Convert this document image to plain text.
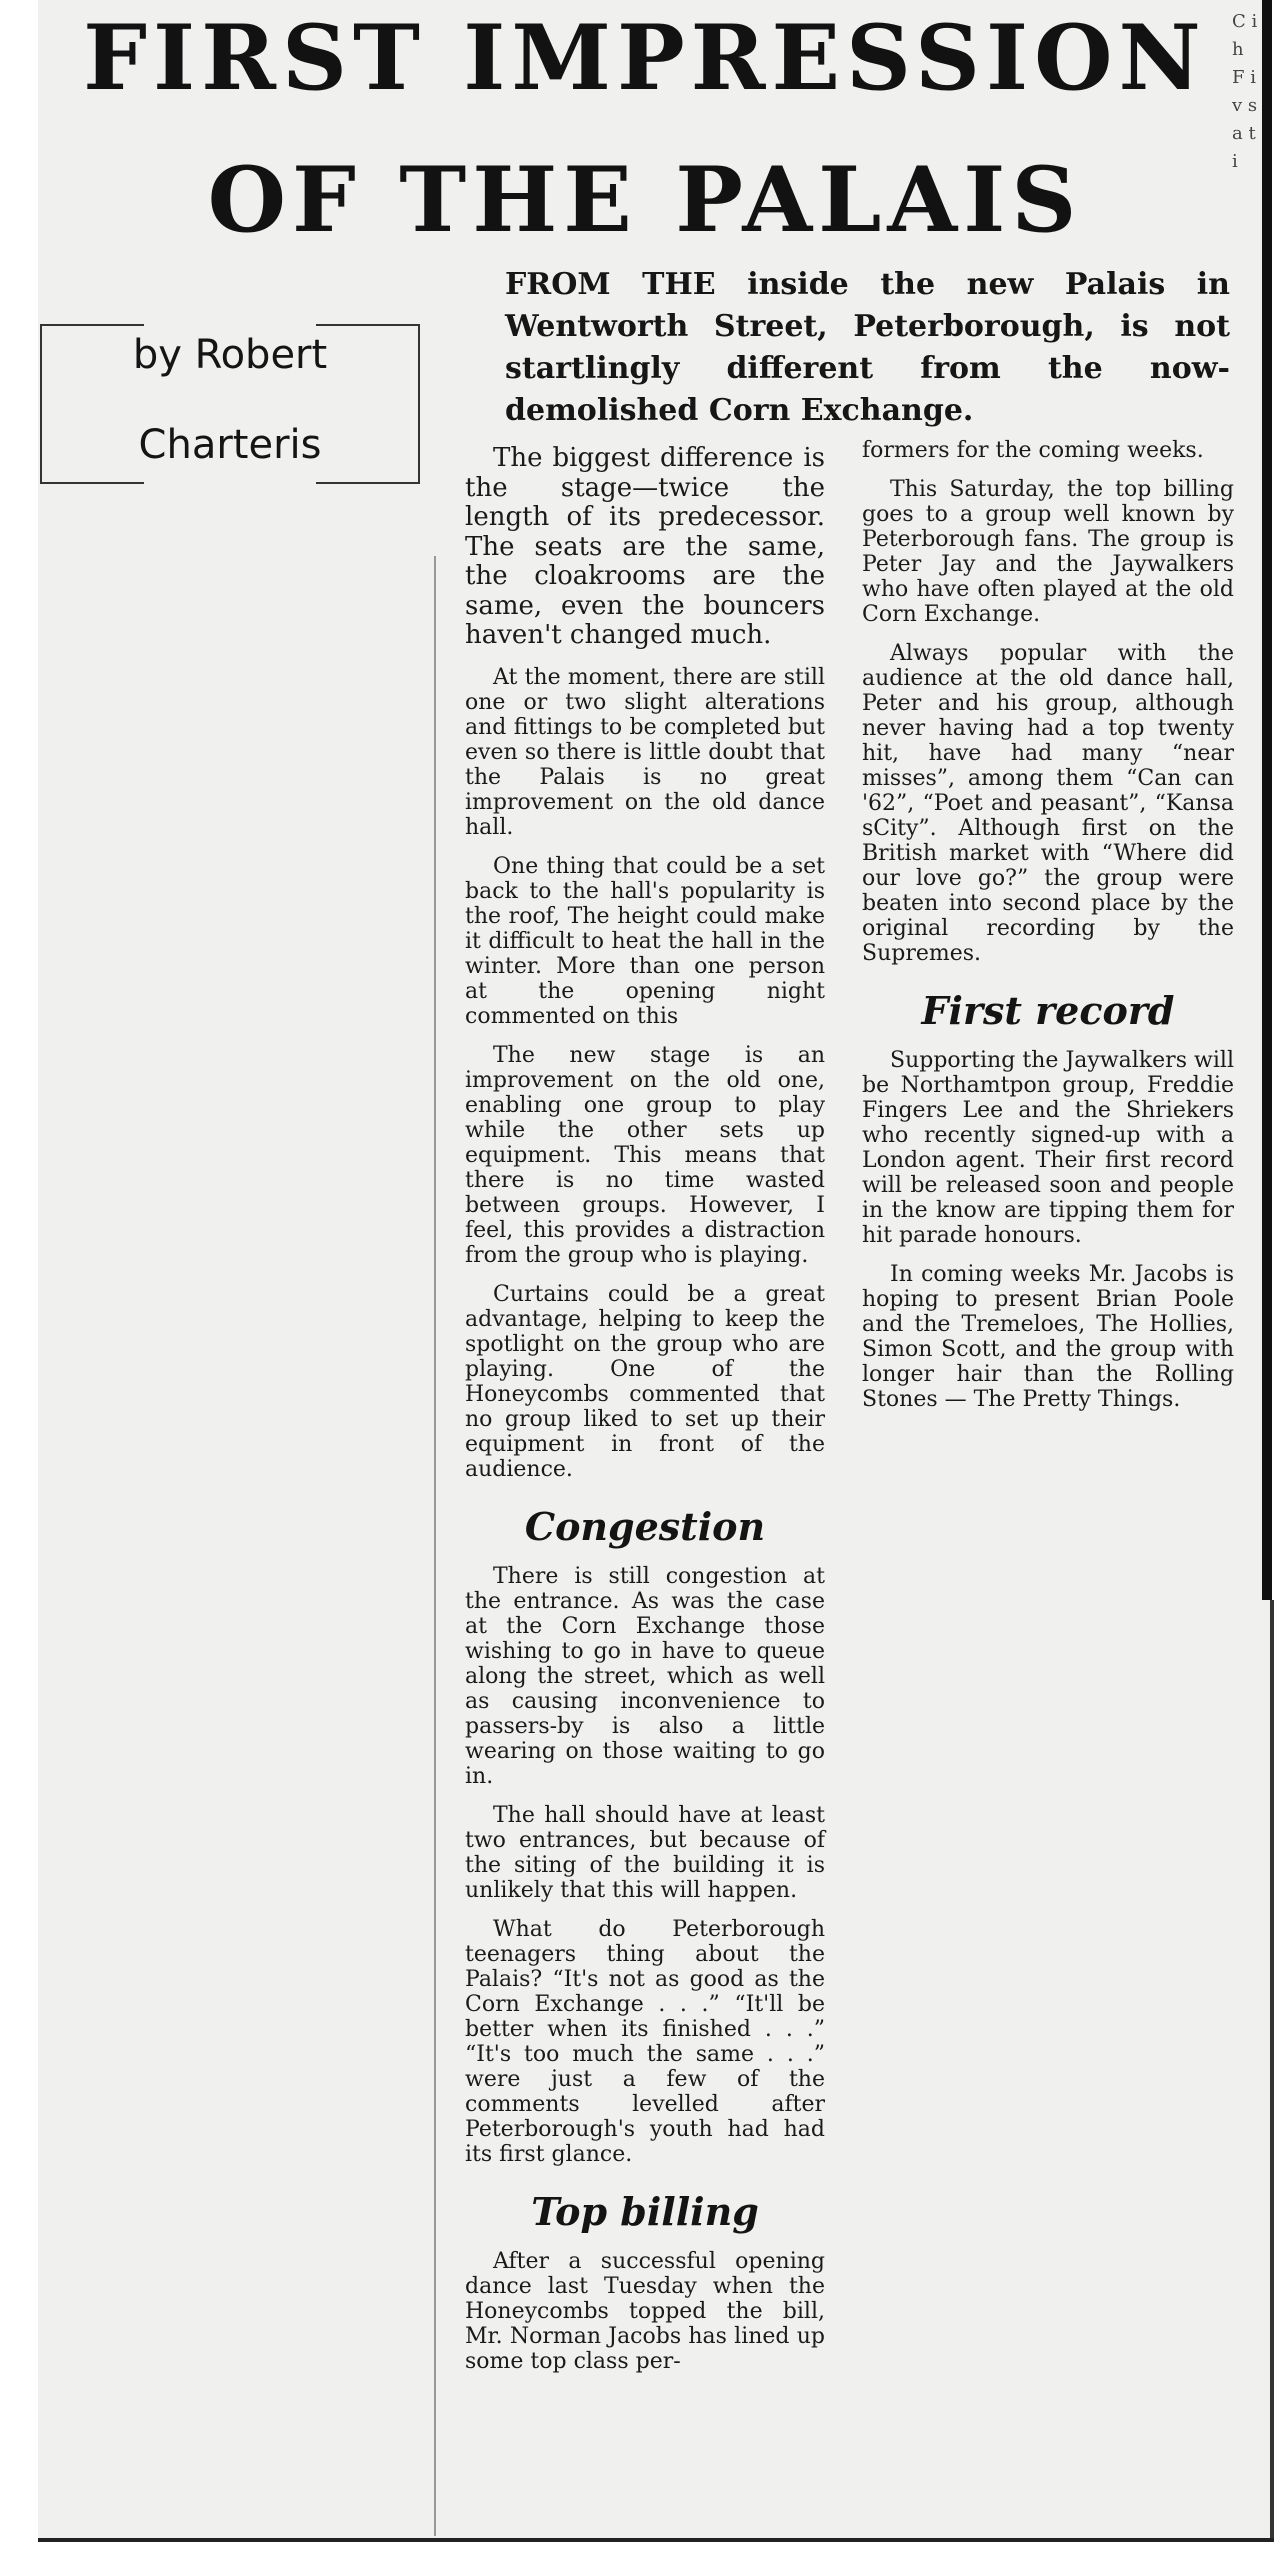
C i h F i v s a t i
FIRST IMPRESSION
OF THE PALAIS
by Robert
Charteris

FROM THE inside the new Palais in Wentworth Street, Peterborough, is not startlingly different from the now-demolished Corn Exchange.

The biggest difference is the stage—twice the length of its predecessor. The seats are the same, the cloakrooms are the same, even the bouncers haven't changed much.

At the moment, there are still one or two slight alterations and fittings to be completed but even so there is little doubt that the Palais is no great improvement on the old dance hall.

One thing that could be a set back to the hall's popularity is the roof, The height could make it difficult to heat the hall in the winter. More than one person at the opening night commented on this

The new stage is an improvement on the old one, enabling one group to play while the other sets up equipment. This means that there is no time wasted between groups. However, I feel, this provides a distraction from the group who is playing.

Curtains could be a great advantage, helping to keep the spotlight on the group who are playing. One of the Honeycombs commented that no group liked to set up their equipment in front of the audience.

Congestion

There is still congestion at the entrance. As was the case at the Corn Exchange those wishing to go in have to queue along the street, which as well as causing inconvenience to passers-by is also a little wearing on those waiting to go in.

The hall should have at least two entrances, but because of the siting of the building it is unlikely that this will happen.

What do Peterborough teenagers thing about the Palais? “It's not as good as the Corn Exchange . . .” “It'll be better when its finished . . .” “It's too much the same . . .” were just a few of the comments levelled after Peterborough's youth had had its first glance.

Top billing

After a successful opening dance last Tuesday when the Honeycombs topped the bill, Mr. Norman Jacobs has lined up some top class per-

formers for the coming weeks.

This Saturday, the top billing goes to a group well known by Peterborough fans. The group is Peter Jay and the Jaywalkers who have often played at the old Corn Exchange.

Always popular with the audience at the old dance hall, Peter and his group, although never having had a top twenty hit, have had many “near misses”, among them “Can can '62”, “Poet and peasant”, “Kansa sCity”. Although first on the British market with “Where did our love go?” the group were beaten into second place by the original recording by the Supremes.

First record

Supporting the Jaywalkers will be Northamtpon group, Freddie Fingers Lee and the Shriekers who recently signed-up with a London agent. Their first record will be released soon and people in the know are tipping them for hit parade honours.

In coming weeks Mr. Jacobs is hoping to present Brian Poole and the Tremeloes, The Hollies, Simon Scott, and the group with longer hair than the Rolling Stones — The Pretty Things.
